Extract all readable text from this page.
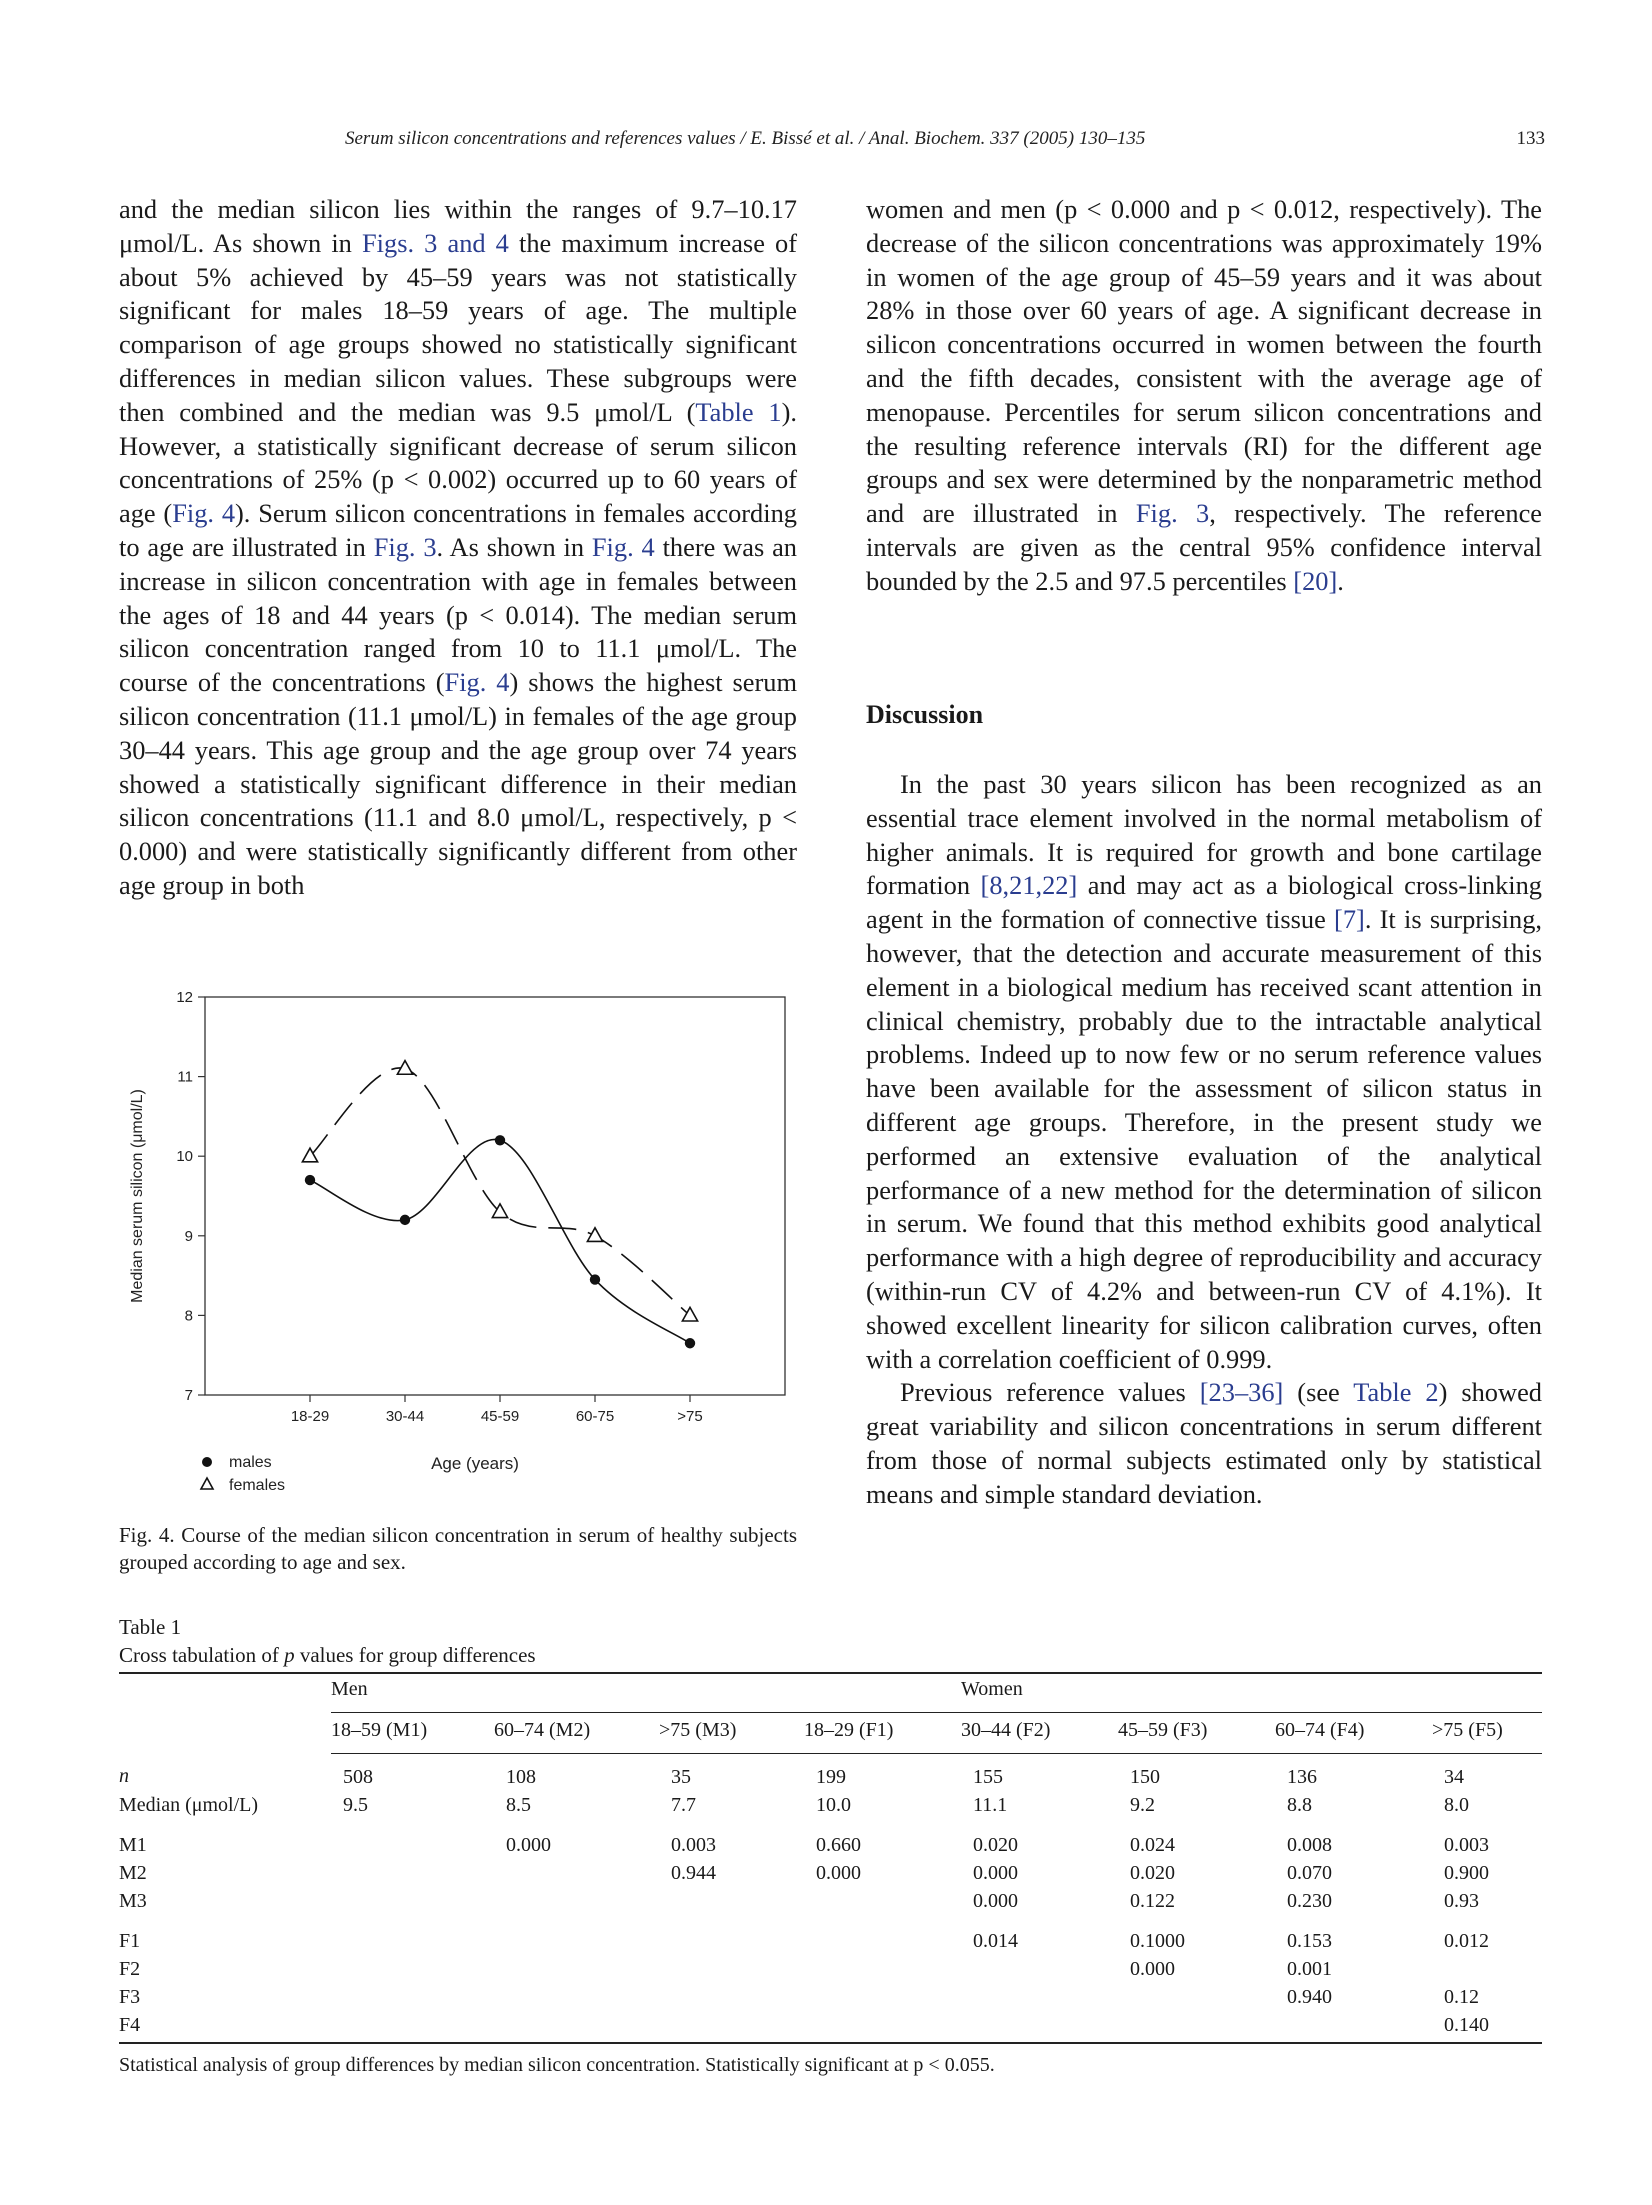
Serum silicon concentrations and references values / E. Bissé et al. / Anal. Biochem. 337 (2005) 130–135	133

and the median silicon lies within the ranges of 9.7–10.17 μmol/L. As shown in Figs. 3 and 4 the maximum increase of about 5% achieved by 45–59 years was not statistically significant for males 18–59 years of age. The multiple comparison of age groups showed no statistically significant differences in median silicon values. These subgroups were then combined and the median was 9.5 μmol/L (Table 1). However, a statistically significant decrease of serum silicon concentrations of 25% (p < 0.002) occurred up to 60 years of age (Fig. 4). Serum silicon concentrations in females according to age are illustrated in Fig. 3. As shown in Fig. 4 there was an increase in silicon concentration with age in females between the ages of 18 and 44 years (p < 0.014). The median serum silicon concentration ranged from 10 to 11.1 μmol/L. The course of the concentrations (Fig. 4) shows the highest serum silicon concentration (11.1 μmol/L) in females of the age group 30–44 years. This age group and the age group over 74 years showed a statistically significant difference in their median silicon concentrations (11.1 and 8.0 μmol/L, respectively, p < 0.000) and were statistically significantly different from other age group in both

women and men (p < 0.000 and p < 0.012, respectively). The decrease of the silicon concentrations was approximately 19% in women of the age group of 45–59 years and it was about 28% in those over 60 years of age. A significant decrease in silicon concentrations occurred in women between the fourth and the fifth decades, consistent with the average age of menopause. Percentiles for serum silicon concentrations and the resulting reference intervals (RI) for the different age groups and sex were determined by the nonparametric method and are illustrated in Fig. 3, respectively. The reference intervals are given as the central 95% confidence interval bounded by the 2.5 and 97.5 percentiles [20].

Discussion

In the past 30 years silicon has been recognized as an essential trace element involved in the normal metabolism of higher animals. It is required for growth and bone cartilage formation [8,21,22] and may act as a biological cross-linking agent in the formation of connective tissue [7]. It is surprising, however, that the detection and accurate measurement of this element in a biological medium has received scant attention in clinical chemistry, probably due to the intractable analytical problems. Indeed up to now few or no serum reference values have been available for the assessment of silicon status in different age groups. Therefore, in the present study we performed an extensive evaluation of the analytical performance of a new method for the determination of silicon in serum. We found that this method exhibits good analytical performance with a high degree of reproducibility and accuracy (within-run CV of 4.2% and between-run CV of 4.1%). It showed excellent linearity for silicon calibration curves, often with a correlation coefficient of 0.999.

Previous reference values [23–36] (see Table 2) showed great variability and silicon concentrations in serum different from those of normal subjects estimated only by statistical means and simple standard deviation.

7
8
9
10
11
12
18-29	30-44	45-59	60-75	>75
Median serum silicon (μmol/L)
Age (years)
males
females
Fig. 4. Course of the median silicon concentration in serum of healthy subjects grouped according to age and sex.
Table 1
Cross tabulation of p values for group differences
	Men				Women			
	18–59 (M1)	60–74 (M2)	>75 (M3)	18–29 (F1)	30–44 (F2)	45–59 (F3)	60–74 (F4)	>75 (F5)
n	508	108	35	199	155	150	136	34
Median (μmol/L)	9.5	8.5	7.7	10.0	11.1	9.2	8.8	8.0
M1		0.000	0.003	0.660	0.020	0.024	0.008	0.003
M2			0.944	0.000	0.000	0.020	0.070	0.900
M3					0.000	0.122	0.230	0.93
F1					0.014	0.1000	0.153	0.012
F2						0.000	0.001	
F3							0.940	0.12
F4								0.140
Statistical analysis of group differences by median silicon concentration. Statistically significant at p < 0.055.
